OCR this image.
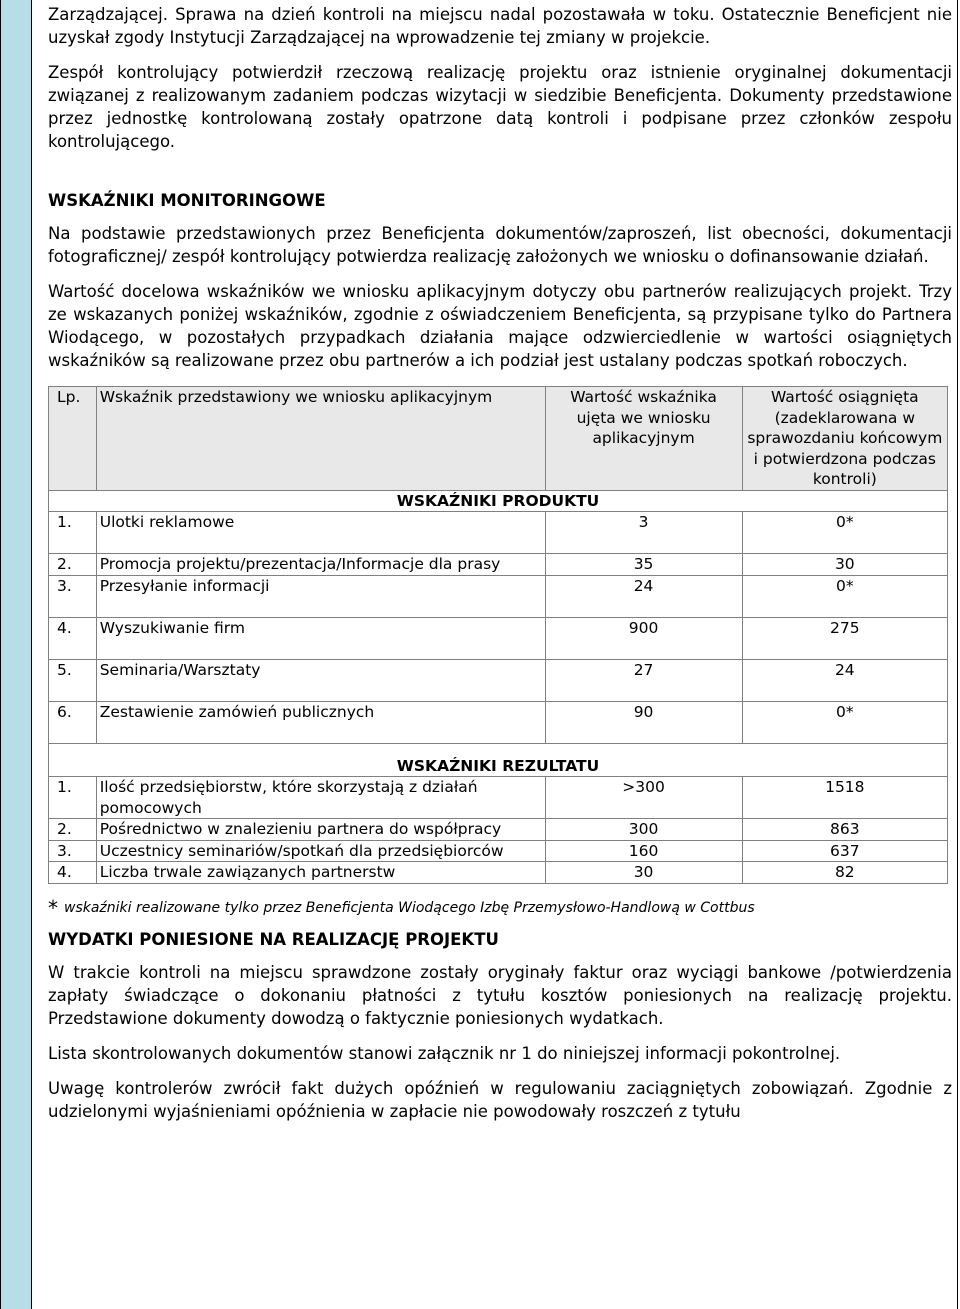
Zarządzającej. Sprawa na dzień kontroli na miejscu nadal pozostawała w toku. Ostatecznie Beneficjent nie uzyskał zgody Instytucji Zarządzającej na wprowadzenie tej zmiany w projekcie.

Zespół kontrolujący potwierdził rzeczową realizację projektu oraz istnienie oryginalnej dokumentacji związanej z realizowanym zadaniem podczas wizytacji w siedzibie Beneficjenta. Dokumenty przedstawione przez jednostkę kontrolowaną zostały opatrzone datą kontroli i podpisane przez członków zespołu kontrolującego.

WSKAŹNIKI MONITORINGOWE

Na podstawie przedstawionych przez Beneficjenta dokumentów/zaproszeń, list obecności, dokumentacji fotograficznej/ zespół kontrolujący potwierdza realizację założonych we wniosku o dofinansowanie działań.

Wartość docelowa wskaźników we wniosku aplikacyjnym dotyczy obu partnerów realizujących projekt. Trzy ze wskazanych poniżej wskaźników, zgodnie z oświadczeniem Beneficjenta, są przypisane tylko do Partnera Wiodącego, w pozostałych przypadkach działania mające odzwierciedlenie w wartości osiągniętych wskaźników są realizowane przez obu partnerów a ich podział jest ustalany podczas spotkań roboczych.

Lp.	Wskaźnik przedstawiony we wniosku aplikacyjnym	Wartość wskaźnika ujęta we wniosku aplikacyjnym	Wartość osiągnięta (zadeklarowana w sprawozdaniu końcowym i potwierdzona podczas kontroli)
WSKAŹNIKI PRODUKTU			
1.	Ulotki reklamowe	3	0*
2.	Promocja projektu/prezentacja/Informacje dla prasy	35	30
3.	Przesyłanie informacji	24	0*
4.	Wyszukiwanie firm	900	275
5.	Seminaria/Warsztaty	27	24
6.	Zestawienie zamówień publicznych	90	0*
WSKAŹNIKI REZULTATU			
1.	Ilość przedsiębiorstw, które skorzystają z działań pomocowych	>300	1518
2.	Pośrednictwo w znalezieniu partnera do współpracy	300	863
3.	Uczestnicy seminariów/spotkań dla przedsiębiorców	160	637
4.	Liczba trwale zawiązanych partnerstw	30	82
* wskaźniki realizowane tylko przez Beneficjenta Wiodącego Izbę Przemysłowo-Handlową w Cottbus
WYDATKI PONIESIONE NA REALIZACJĘ PROJEKTU

W trakcie kontroli na miejscu sprawdzone zostały oryginały faktur oraz wyciągi bankowe /potwierdzenia zapłaty świadczące o dokonaniu płatności z tytułu kosztów poniesionych na realizację projektu. Przedstawione dokumenty dowodzą o faktycznie poniesionych wydatkach.

Lista skontrolowanych dokumentów stanowi załącznik nr 1 do niniejszej informacji pokontrolnej.

Uwagę kontrolerów zwrócił fakt dużych opóźnień w regulowaniu zaciągniętych zobowiązań. Zgodnie z udzielonymi wyjaśnieniami opóźnienia w zapłacie nie powodowały roszczeń z tytułu
